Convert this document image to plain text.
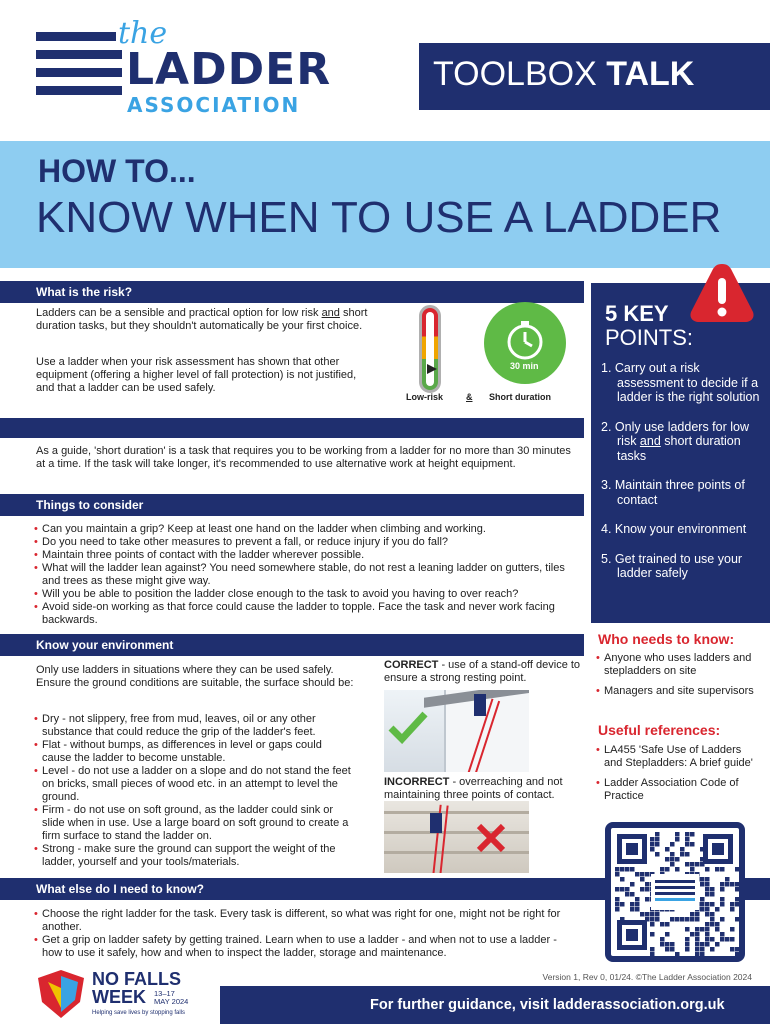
the
LADDER
ASSOCIATION
TOOLBOX TALK
HOW TO...
KNOW WHEN TO USE A LADDER
What is the risk?

Ladders can be a sensible and practical option for low risk and short duration tasks, but they shouldn't automatically be your first choice.

Use a ladder when your risk assessment has shown that other equipment (offering a higher level of fall protection) is not justified, and that a ladder can be used safely.

30 min
Low-risk	& Short duration

As a guide, 'short duration' is a task that requires you to be working from a ladder for no more than 30 minutes at a time. If the task will take longer, it's recommended to use alternative work at height equipment.

Things to consider
• Can you maintain a grip? Keep at least one hand on the ladder when climbing and working.
• Do you need to take other measures to prevent a fall, or reduce injury if you do fall?
• Maintain three points of contact with the ladder wherever possible.
• What will the ladder lean against? You need somewhere stable, do not rest a leaning ladder on gutters, tiles and trees as these might give way.
• Will you be able to position the ladder close enough to the task to avoid you having to over reach?
• Avoid side-on working as that force could cause the ladder to topple. Face the task and never work facing backwards.
Know your environment

Only use ladders in situations where they can be used safely. Ensure the ground conditions are suitable, the surface should be:

• Dry - not slippery, free from mud, leaves, oil or any other substance that could reduce the grip of the ladder's feet.
• Flat - without bumps, as differences in level or gaps could cause the ladder to become unstable.
• Level - do not use a ladder on a slope and do not stand the feet on bricks, small pieces of wood etc. in an attempt to level the ground.
• Firm - do not use on soft ground, as the ladder could sink or slide when in use. Use a large board on soft ground to create a firm surface to stand the ladder on.
• Strong - make sure the ground can support the weight of the ladder, yourself and your tools/materials.

CORRECT - use of a stand-off device to ensure a strong resting point.

INCORRECT - overreaching and not maintaining three points of contact.

What else do I need to know?
• Choose the right ladder for the task. Every task is different, so what was right for one, might not be right for another.
• Get a grip on ladder safety by getting trained. Learn when to use a ladder - and when not to use a ladder - how to use it safely, how and when to inspect the ladder, storage and maintenance.
5 KEY
POINTS:
1. Carry out a risk assessment to decide if a ladder is the right solution
2. Only use ladders for low risk and short duration tasks
3. Maintain three points of contact
4. Know your environment
5. Get trained to use your ladder safely
Who needs to know:
• Anyone who uses ladders and stepladders on site
• Managers and site supervisors
Useful references:
• LA455 'Safe Use of Ladders and Stepladders: A brief guide'
• Ladder Association Code of Practice
NO FALLS
WEEK 13–17
MAY 2024
Helping save lives by stopping falls
Version 1, Rev 0, 01/24. ©The Ladder Association 2024
For further guidance, visit ladderassociation.org.uk
